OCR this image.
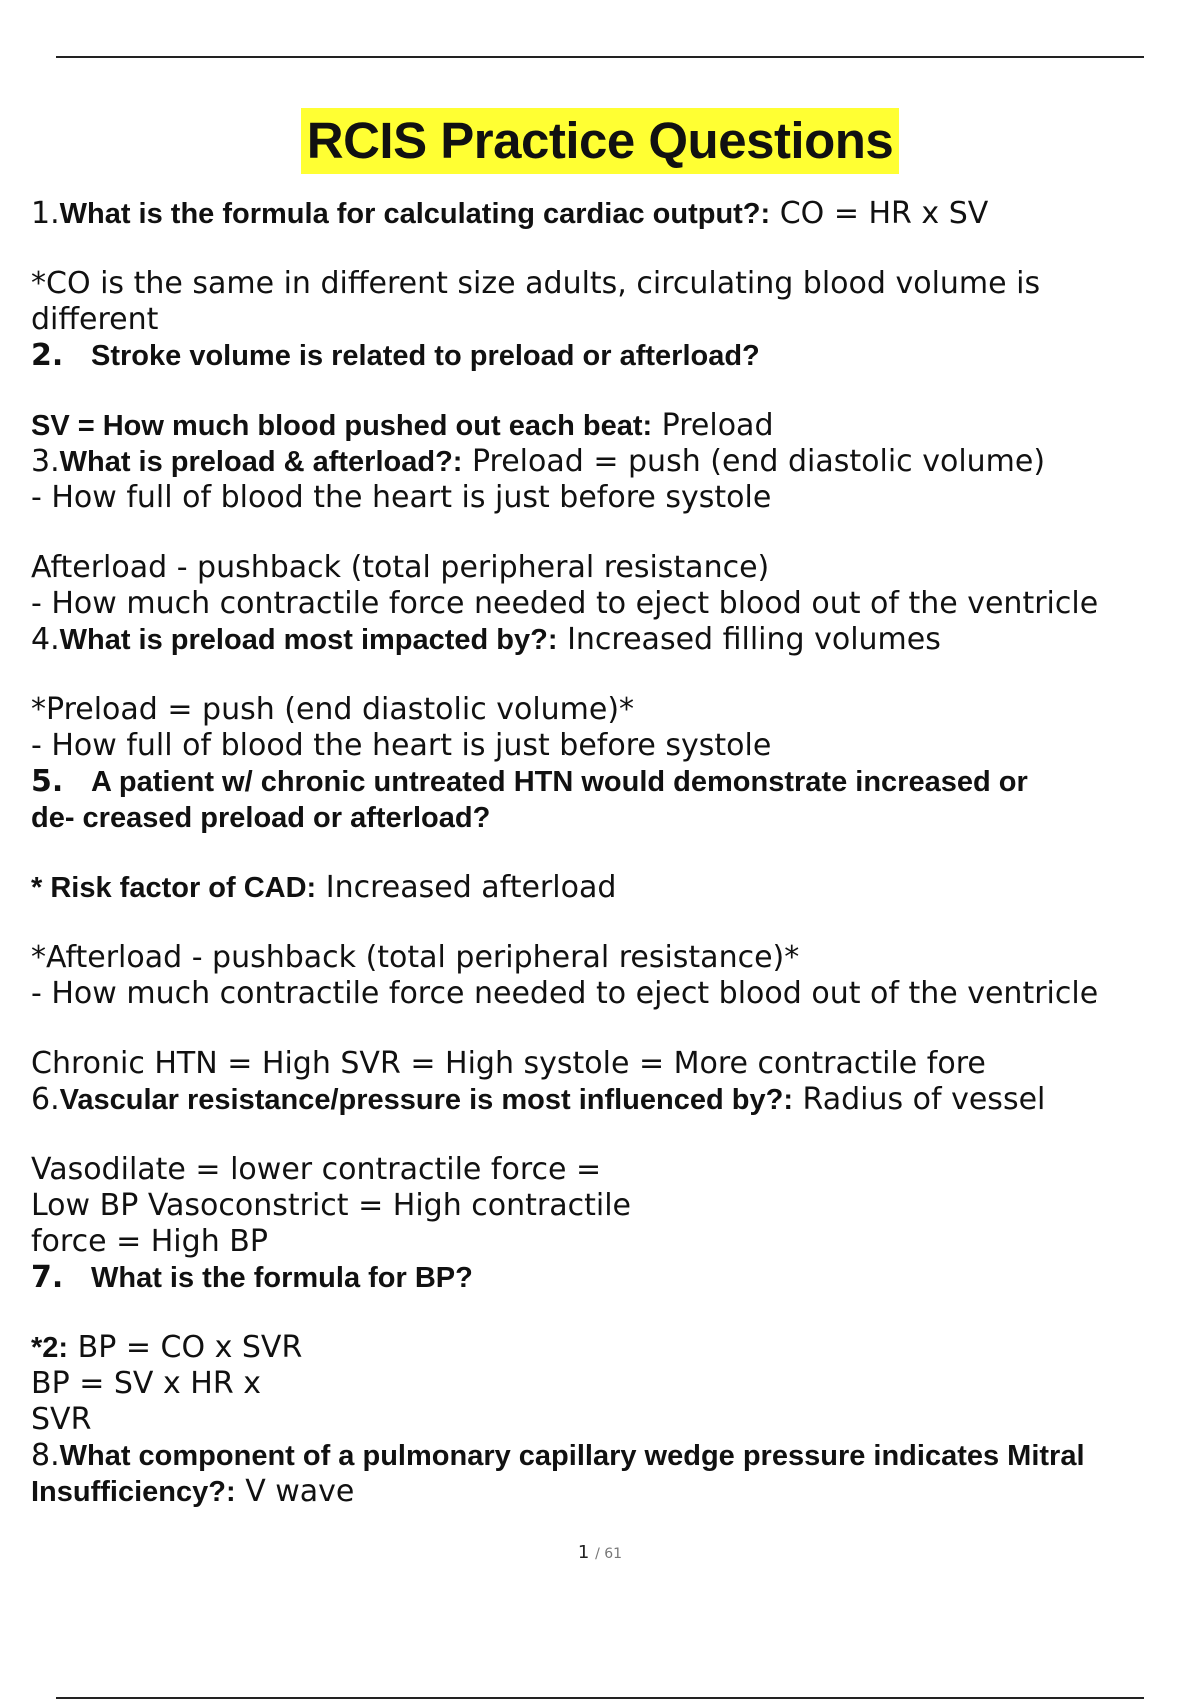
RCIS Practice Questions
1.What is the formula for calculating cardiac output?: CO = HR x SV
*CO is the same in different size adults, circulating blood volume is
different
2. Stroke volume is related to preload or afterload?
SV = How much blood pushed out each beat: Preload
3.What is preload & afterload?: Preload = push (end diastolic volume)
- How full of blood the heart is just before systole
Afterload - pushback (total peripheral resistance)
- How much contractile force needed to eject blood out of the ventricle
4.What is preload most impacted by?: Increased filling volumes
*Preload = push (end diastolic volume)*
- How full of blood the heart is just before systole
5. A patient w/ chronic untreated HTN would demonstrate increased or
de- creased preload or afterload?
* Risk factor of CAD: Increased afterload
*Afterload - pushback (total peripheral resistance)*
- How much contractile force needed to eject blood out of the ventricle
Chronic HTN = High SVR = High systole = More contractile fore
6.Vascular resistance/pressure is most influenced by?: Radius of vessel
Vasodilate = lower contractile force =
Low BP Vasoconstrict = High contractile
force = High BP
7. What is the formula for BP?
*2: BP = CO x SVR
BP = SV x HR x
SVR
8.What component of a pulmonary capillary wedge pressure indicates Mitral
Insufficiency?: V wave
1 / 61
